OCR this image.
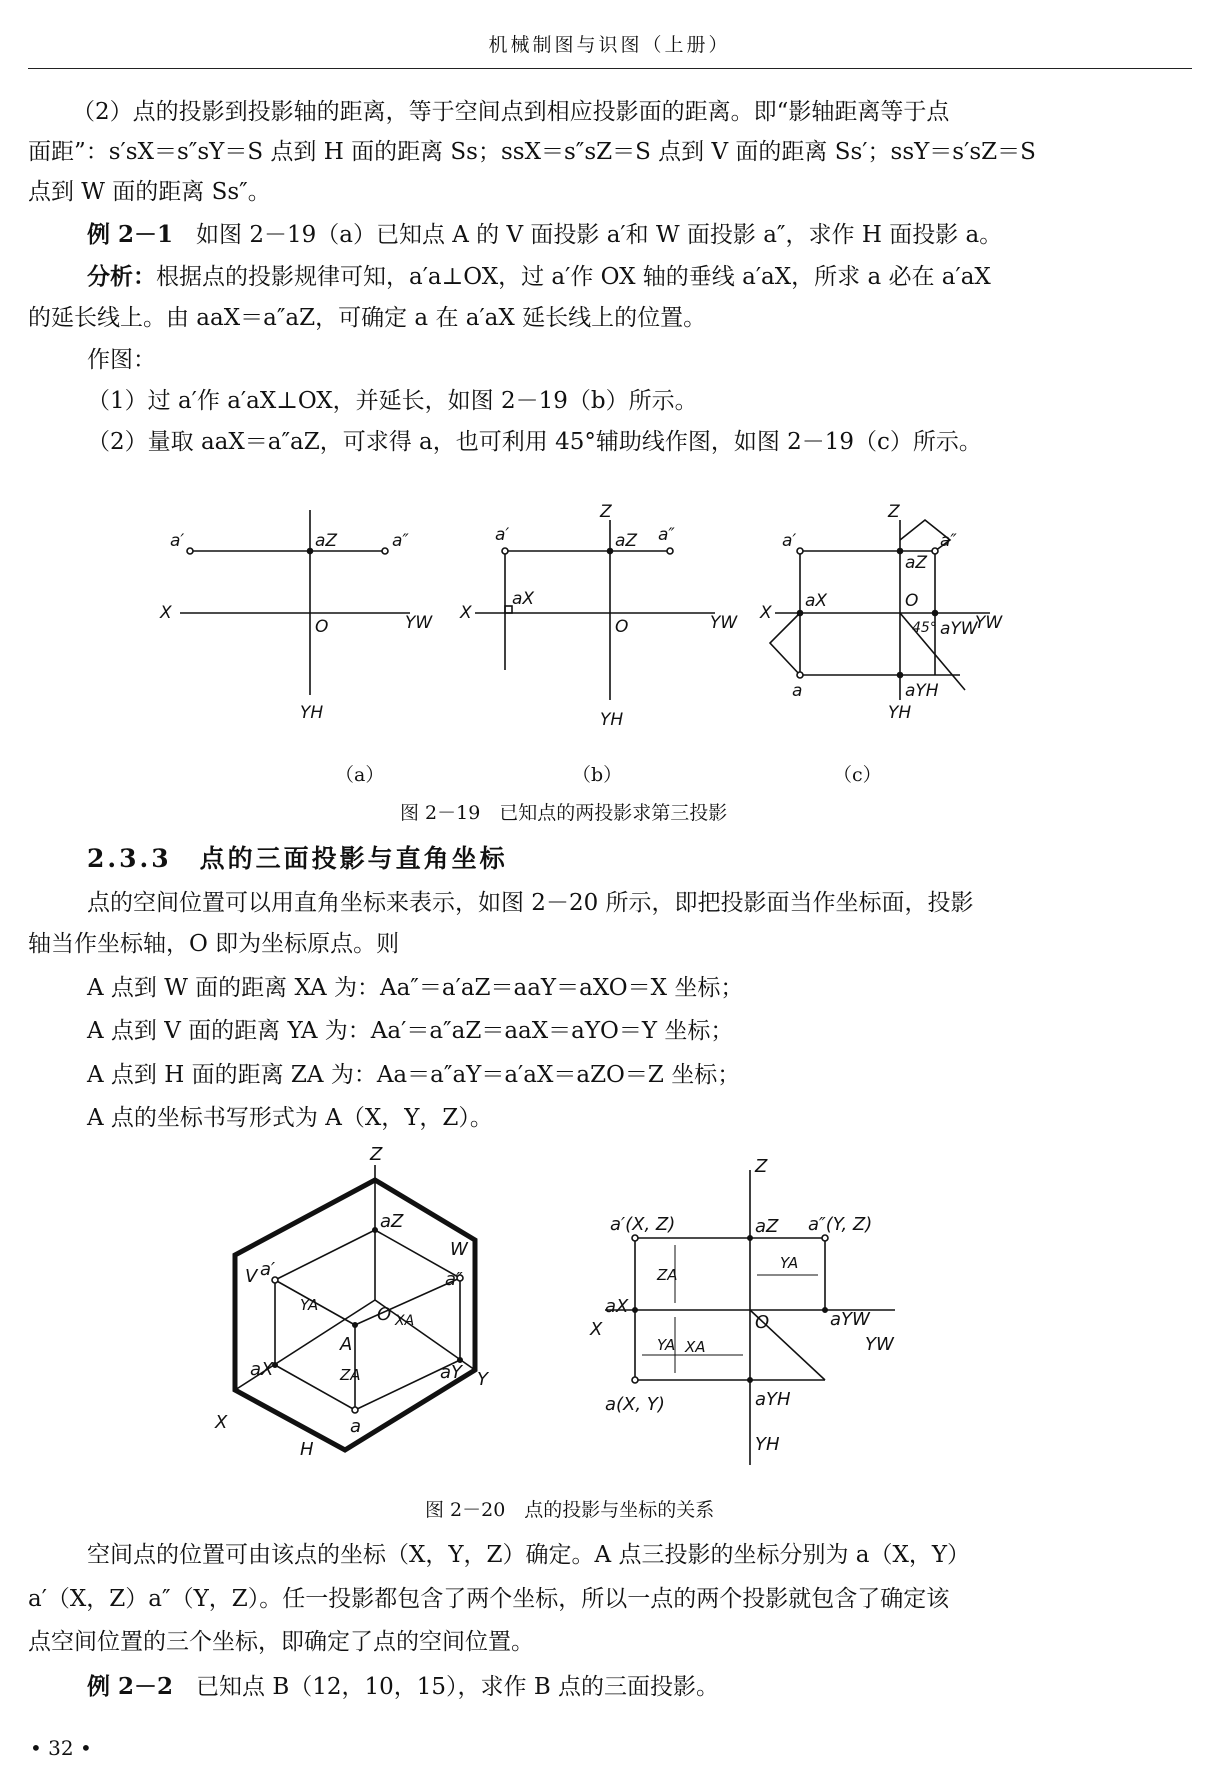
机械制图与识图（上册）
（2）点的投影到投影轴的距离，等于空间点到相应投影面的距离。即“影轴距离等于点
面距”：s′sX＝s″sY＝S 点到 H 面的距离 Ss；ssX＝s″sZ＝S 点到 V 面的距离 Ss′；ssY＝s′sZ＝S
点到 W 面的距离 Ss″。
例 2－1　 如图 2－19（a）已知点 A 的 V 面投影 a′和 W 面投影 a″，求作 H 面投影 a。
分析：根据点的投影规律可知，a′a⊥OX，过 a′作 OX 轴的垂线 a′aX，所求 a 必在 a′aX
的延长线上。由 aaX＝a″aZ，可确定 a 在 a′aX 延长线上的位置。
作图：
（1）过 a′作 a′aX⊥OX，并延长，如图 2－19（b）所示。
（2）量取 aaX＝a″aZ，可求得 a，也可利用 45°辅助线作图，如图 2－19（c）所示。
a′	aZ	a″
X
O	YW
YH
a′
Z
aZ a″
X
aX
O	YW
YH
a′
Z
aZ
a″
X
aX	O
45° aYW
YW
a	aYH
YH
（a）	（b）	（c）
图 2－19　已知点的两投影求第三投影
2.3.3　点的三面投影与直角坐标
点的空间位置可以用直角坐标来表示，如图 2－20 所示，即把投影面当作坐标面，投影
轴当作坐标轴，O 即为坐标原点。则
A 点到 W 面的距离 XA 为：Aa″＝a′aZ＝aaY＝aXO＝X 坐标；
A 点到 V 面的距离 YA 为：Aa′＝a″aZ＝aaX＝aYO＝Y 坐标；
A 点到 H 面的距离 ZA 为：Aa＝a″aY＝a′aX＝aZO＝Z 坐标；
A 点的坐标书写形式为 A（X，Y，Z）。
Z
aZ
V
W
a′	a″
YA	O XA
A
aX	aY
ZA
X
Y
a
H
Z
a′(X, Z)	aZ a″(Y, Z)
ZA
YA
O	aYW
YW
aX
X
YA XA
a(X, Y)	aYH
YH
图 2－20　点的投影与坐标的关系
空间点的位置可由该点的坐标（X，Y，Z）确定。A 点三投影的坐标分别为 a（X，Y）
a′（X，Z）a″（Y，Z）。任一投影都包含了两个坐标，所以一点的两个投影就包含了确定该
点空间位置的三个坐标，即确定了点的空间位置。
例 2－2　 已知点 B（12，10，15），求作 B 点的三面投影。
• 32 •
